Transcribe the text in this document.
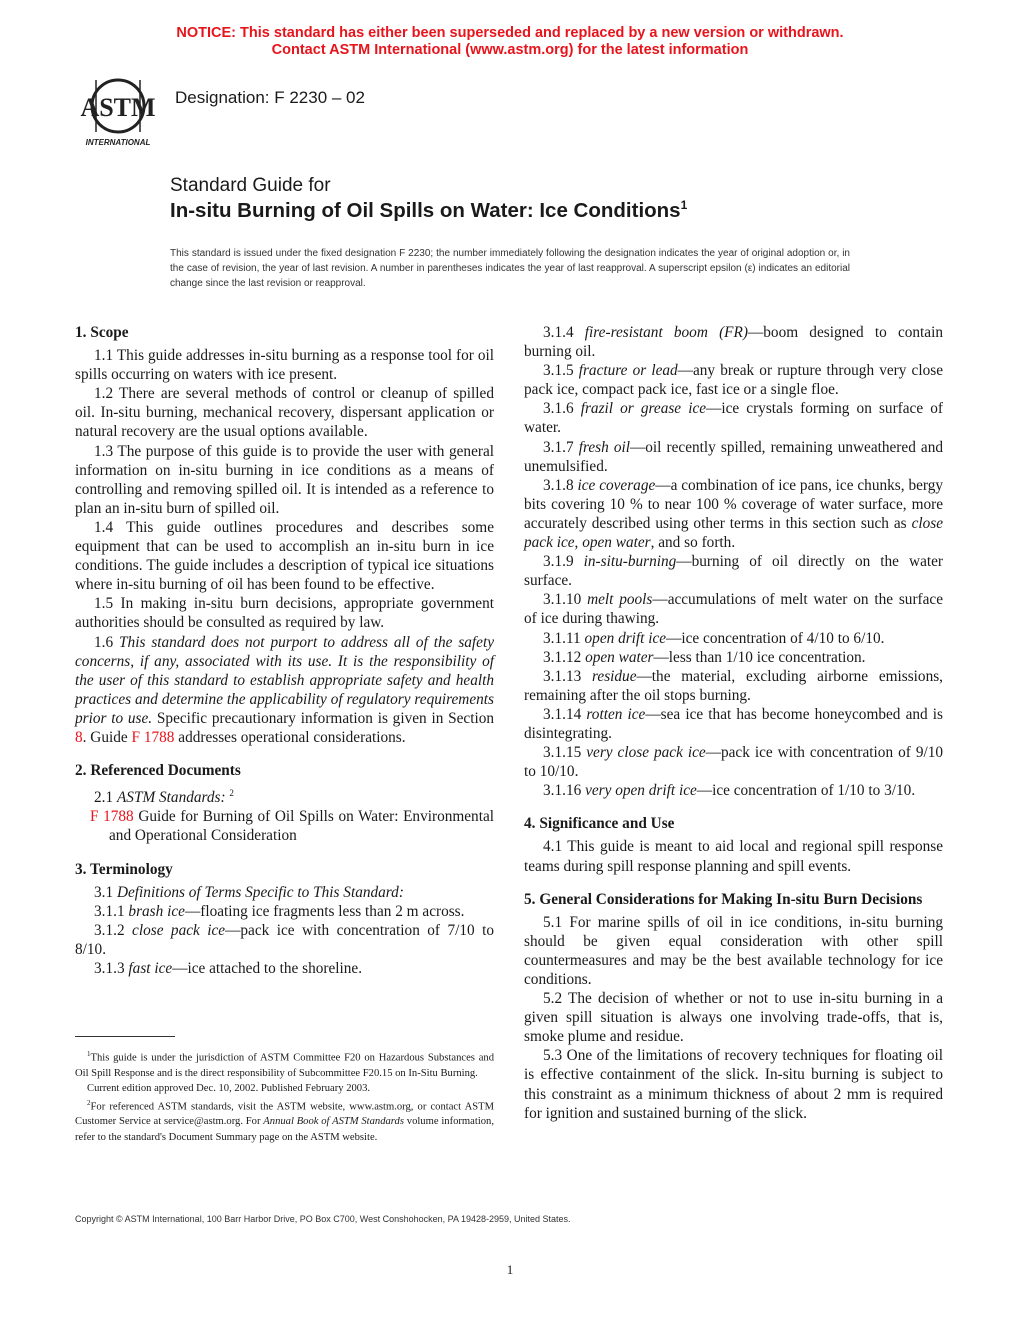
NOTICE: This standard has either been superseded and replaced by a new version or withdrawn.
Contact ASTM International (www.astm.org) for the latest information
ASTM
INTERNATIONAL
Designation: F 2230 – 02
Standard Guide for
In-situ Burning of Oil Spills on Water: Ice Conditions$^1$
This standard is issued under the fixed designation F 2230; the number immediately following the designation indicates the year of original adoption or, in the case of revision, the year of last revision. A number in parentheses indicates the year of last reapproval. A superscript epsilon (ε) indicates an editorial change since the last revision or reapproval.
1. Scope

1.1 This guide addresses in-situ burning as a response tool for oil spills occurring on waters with ice present.

1.2 There are several methods of control or cleanup of spilled oil. In-situ burning, mechanical recovery, dispersant application or natural recovery are the usual options available.

1.3 The purpose of this guide is to provide the user with general information on in-situ burning in ice conditions as a means of controlling and removing spilled oil. It is intended as a reference to plan an in-situ burn of spilled oil.

1.4 This guide outlines procedures and describes some equipment that can be used to accomplish an in-situ burn in ice conditions. The guide includes a description of typical ice situations where in-situ burning of oil has been found to be effective.

1.5 In making in-situ burn decisions, appropriate government authorities should be consulted as required by law.

1.6 This standard does not purport to address all of the safety concerns, if any, associated with its use. It is the responsibility of the user of this standard to establish appropriate safety and health practices and determine the applicability of regulatory requirements prior to use. Specific precautionary information is given in Section 8. Guide F 1788 addresses operational considerations.

2. Referenced Documents

2.1 ASTM Standards: $^2$

F 1788 Guide for Burning of Oil Spills on Water: Environmental and Operational Consideration

3. Terminology

3.1 Definitions of Terms Specific to This Standard:

3.1.1 brash ice—floating ice fragments less than 2 m across.

3.1.2 close pack ice—pack ice with concentration of 7/10 to 8/10.

3.1.3 fast ice—ice attached to the shoreline.

$^1$This guide is under the jurisdiction of ASTM Committee F20 on Hazardous Substances and Oil Spill Response and is the direct responsibility of Subcommittee F20.15 on In-Situ Burning.

Current edition approved Dec. 10, 2002. Published February 2003.

$^2$For referenced ASTM standards, visit the ASTM website, www.astm.org, or contact ASTM Customer Service at service@astm.org. For Annual Book of ASTM Standards volume information, refer to the standard's Document Summary page on the ASTM website.

3.1.4 fire-resistant boom (FR)—boom designed to contain burning oil.

3.1.5 fracture or lead—any break or rupture through very close pack ice, compact pack ice, fast ice or a single floe.

3.1.6 frazil or grease ice—ice crystals forming on surface of water.

3.1.7 fresh oil—oil recently spilled, remaining unweathered and unemulsified.

3.1.8 ice coverage—a combination of ice pans, ice chunks, bergy bits covering 10 % to near 100 % coverage of water surface, more accurately described using other terms in this section such as close pack ice, open water, and so forth.

3.1.9 in-situ-burning—burning of oil directly on the water surface.

3.1.10 melt pools—accumulations of melt water on the surface of ice during thawing.

3.1.11 open drift ice—ice concentration of 4/10 to 6/10.

3.1.12 open water—less than 1/10 ice concentration.

3.1.13 residue—the material, excluding airborne emissions, remaining after the oil stops burning.

3.1.14 rotten ice—sea ice that has become honeycombed and is disintegrating.

3.1.15 very close pack ice—pack ice with concentration of 9/10 to 10/10.

3.1.16 very open drift ice—ice concentration of 1/10 to 3/10.

4. Significance and Use

4.1 This guide is meant to aid local and regional spill response teams during spill response planning and spill events.

5. General Considerations for Making In-situ Burn Decisions

5.1 For marine spills of oil in ice conditions, in-situ burning should be given equal consideration with other spill countermeasures and may be the best available technology for ice conditions.

5.2 The decision of whether or not to use in-situ burning in a given spill situation is always one involving trade-offs, that is, smoke plume and residue.

5.3 One of the limitations of recovery techniques for floating oil is effective containment of the slick. In-situ burning is subject to this constraint as a minimum thickness of about 2 mm is required for ignition and sustained burning of the slick.

Copyright © ASTM International, 100 Barr Harbor Drive, PO Box C700, West Conshohocken, PA 19428-2959, United States.
1
